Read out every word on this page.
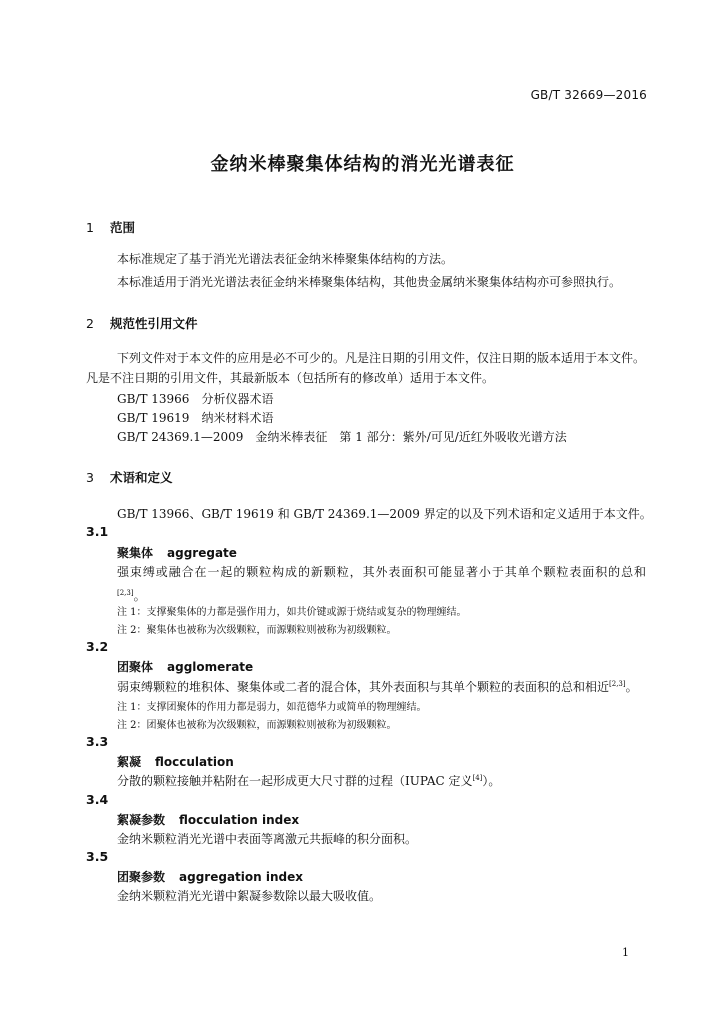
GB/T 32669—2016
金纳米棒聚集体结构的消光光谱表征
1 范围
本标准规定了基于消光光谱法表征金纳米棒聚集体结构的方法。
本标准适用于消光光谱法表征金纳米棒聚集体结构，其他贵金属纳米聚集体结构亦可参照执行。
2 规范性引用文件
下列文件对于本文件的应用是必不可少的。凡是注日期的引用文件，仅注日期的版本适用于本文件。凡是不注日期的引用文件，其最新版本（包括所有的修改单）适用于本文件。
GB/T 13966　分析仪器术语
GB/T 19619　纳米材料术语
GB/T 24369.1—2009　金纳米棒表征　第 1 部分：紫外/可见/近红外吸收光谱方法
3 术语和定义
GB/T 13966、GB/T 19619 和 GB/T 24369.1—2009 界定的以及下列术语和定义适用于本文件。
3.1
聚集体 aggregate
强束缚或融合在一起的颗粒构成的新颗粒，其外表面积可能显著小于其单个颗粒表面积的总和[2,3]。
注 1：支撑聚集体的力都是强作用力，如共价键或源于烧结或复杂的物理缠结。
注 2：聚集体也被称为次级颗粒，而源颗粒则被称为初级颗粒。
3.2
团聚体 agglomerate
弱束缚颗粒的堆积体、聚集体或二者的混合体，其外表面积与其单个颗粒的表面积的总和相近[2,3]。
注 1：支撑团聚体的作用力都是弱力，如范德华力或简单的物理缠结。
注 2：团聚体也被称为次级颗粒，而源颗粒则被称为初级颗粒。
3.3
絮凝 flocculation
分散的颗粒接触并粘附在一起形成更大尺寸群的过程（IUPAC 定义[4]）。
3.4
絮凝参数 flocculation index
金纳米颗粒消光光谱中表面等离激元共振峰的积分面积。
3.5
团聚参数 aggregation index
金纳米颗粒消光光谱中絮凝参数除以最大吸收值。
1
